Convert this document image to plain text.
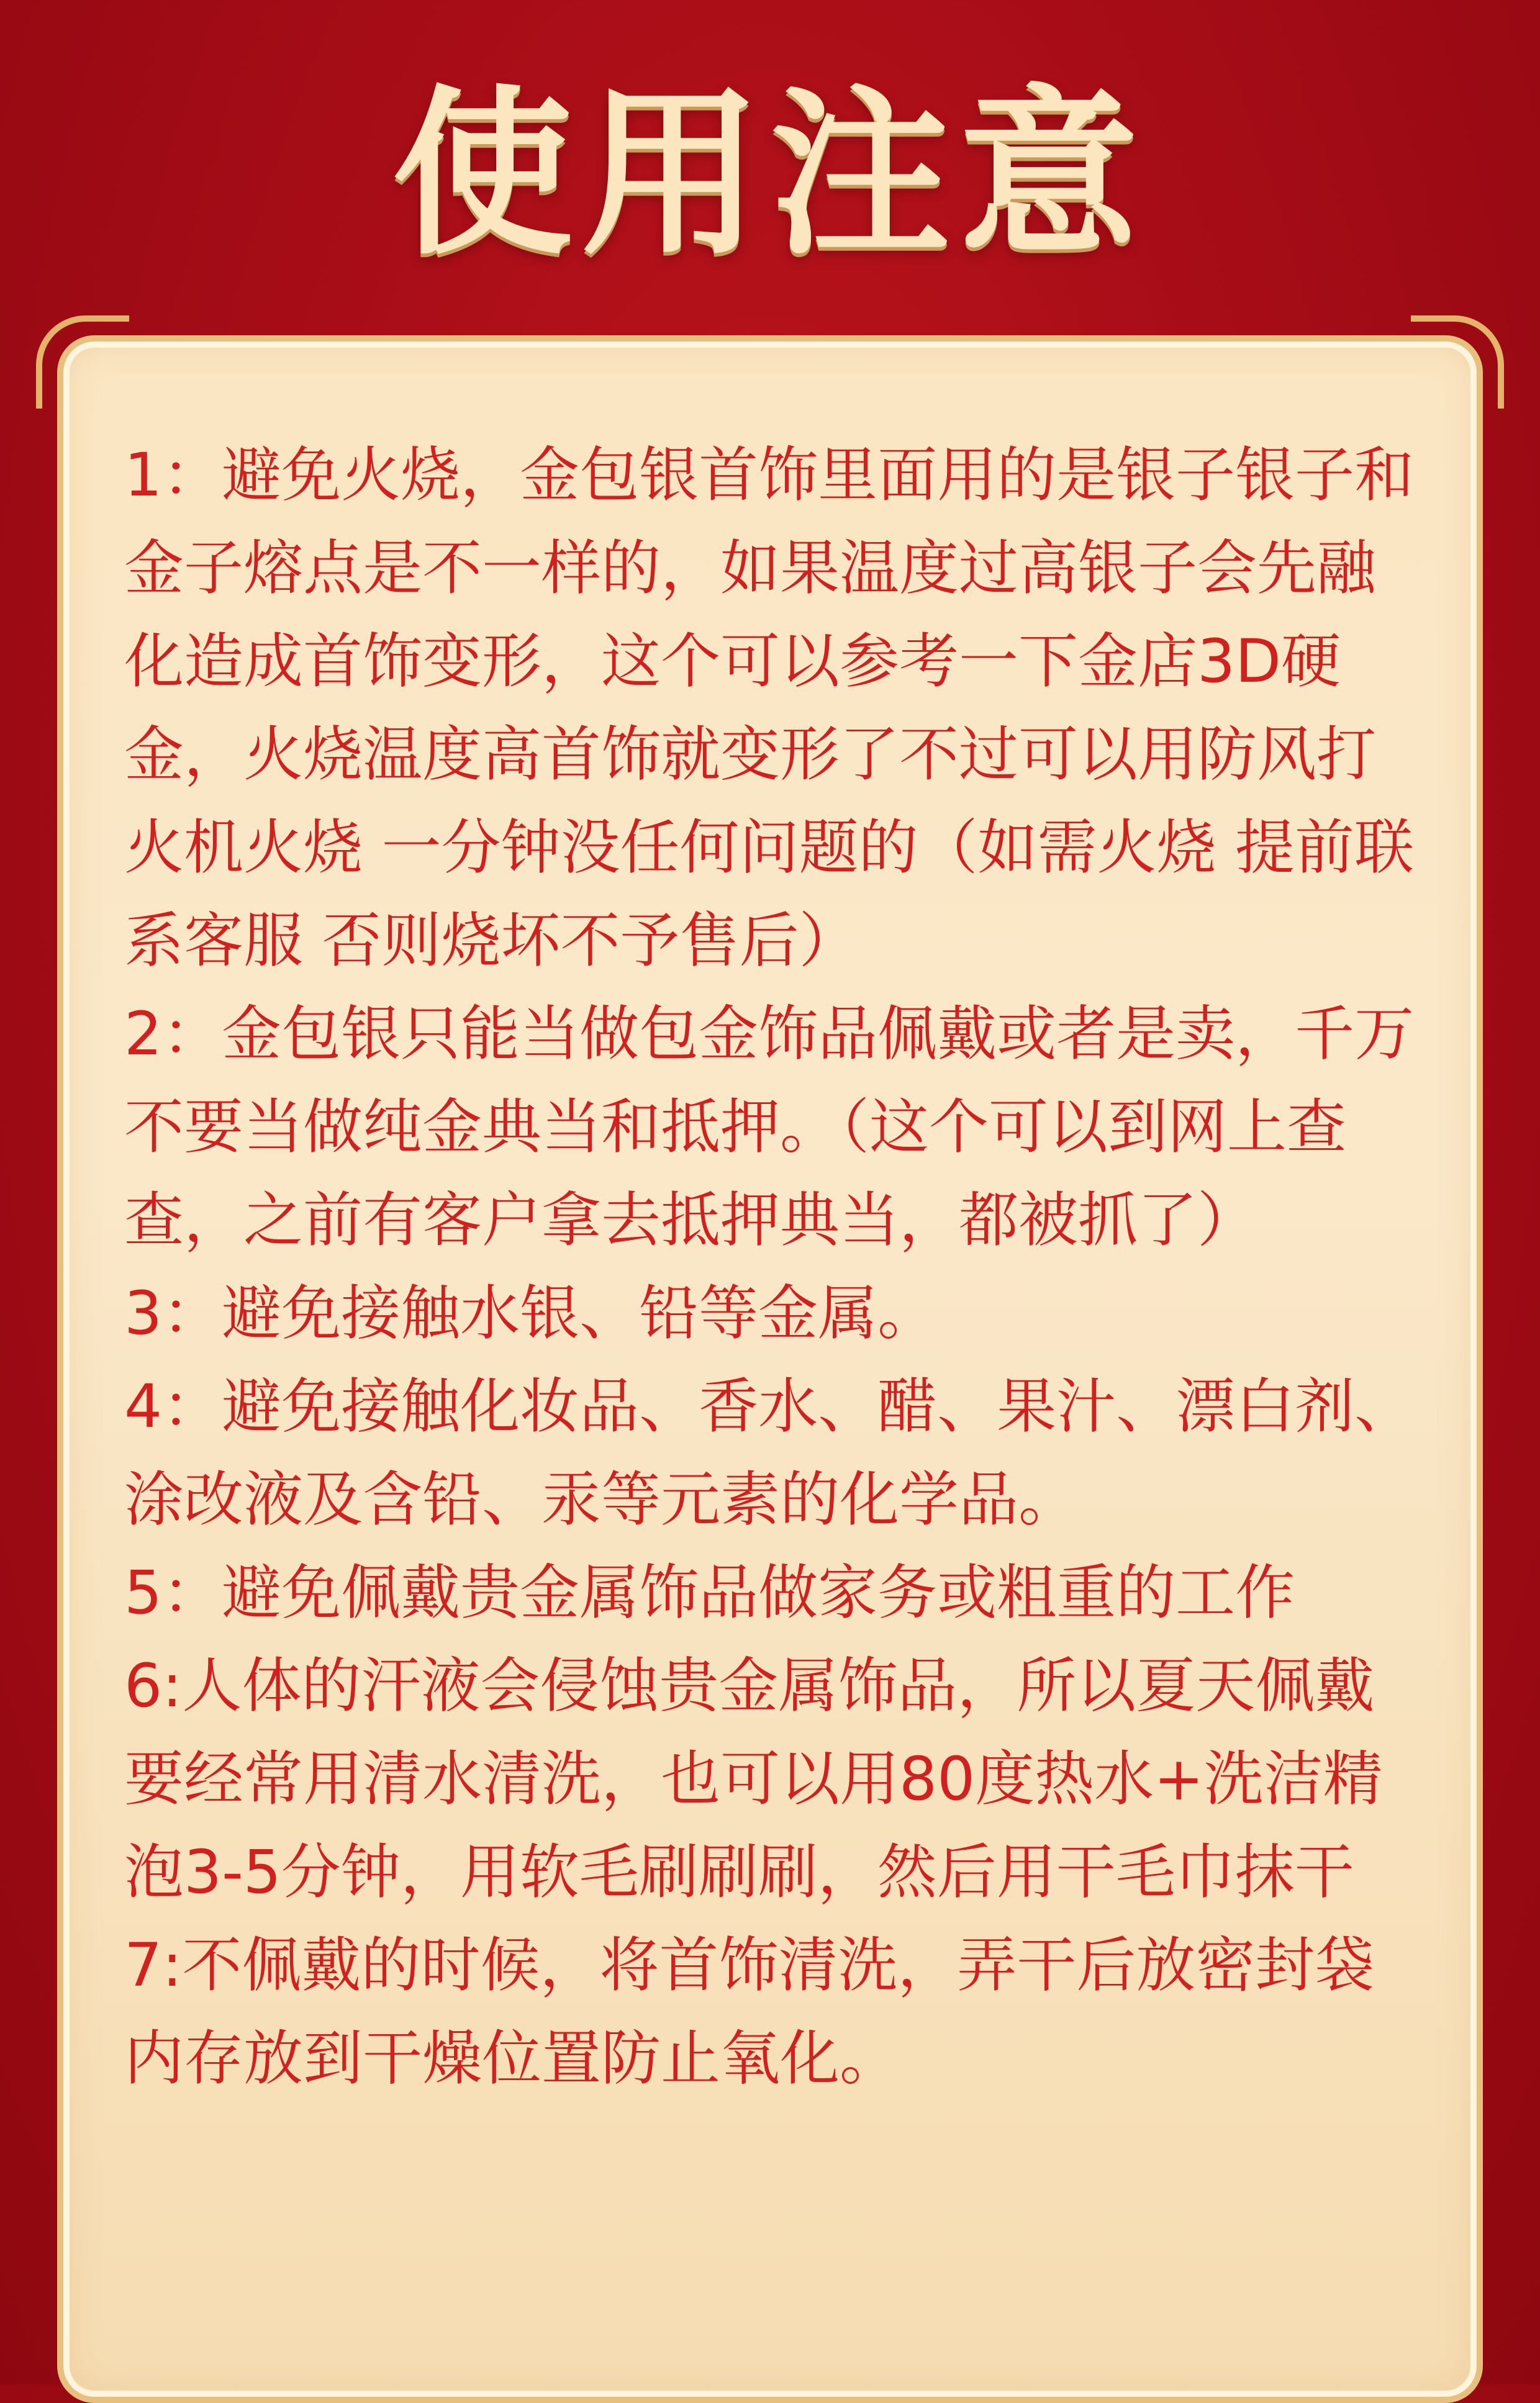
使用注意

1：避免火烧，金包银首饰里面用的是银子银子和金子熔点是不一样的，如果温度过高银子会先融化造成首饰变形，这个可以参考一下金店3D硬金，火烧温度高首饰就变形了不过可以用防风打火机火烧 一分钟没任何问题的（如需火烧 提前联系客服 否则烧坏不予售后）

2：金包银只能当做包金饰品佩戴或者是卖，千万不要当做纯金典当和抵押。（这个可以到网上查查，之前有客户拿去抵押典当，都被抓了）

3：避免接触水银、铅等金属。

4：避免接触化妆品、香水、醋、果汁、漂白剂、涂改液及含铅、汞等元素的化学品。

5：避免佩戴贵金属饰品做家务或粗重的工作

6:人体的汗液会侵蚀贵金属饰品，所以夏天佩戴要经常用清水清洗，也可以用80度热水+洗洁精泡3-5分钟，用软毛刷刷刷，然后用干毛巾抹干

7:不佩戴的时候，将首饰清洗，弄干后放密封袋内存放到干燥位置防止氧化。
